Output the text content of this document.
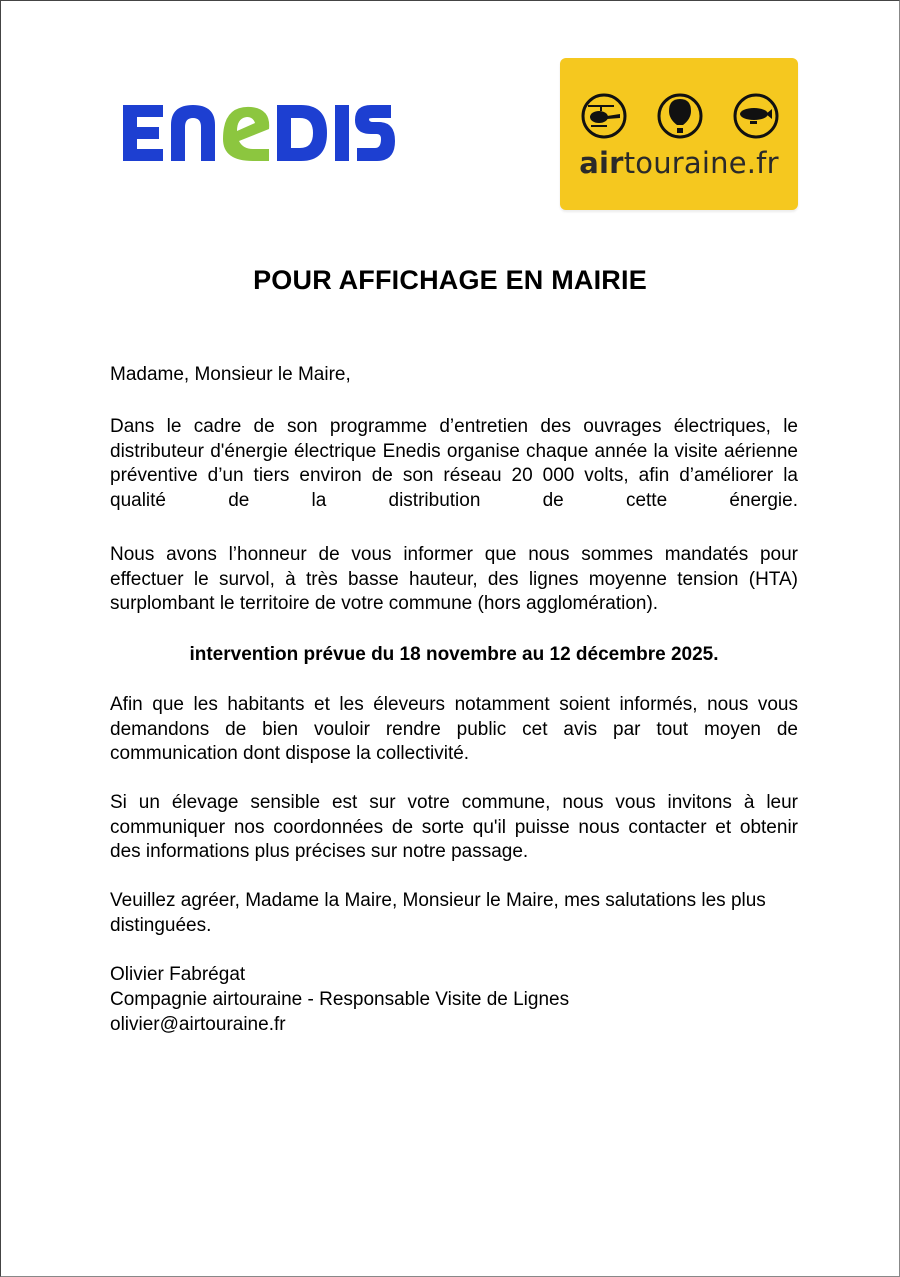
airtouraine.fr
POUR AFFICHAGE EN MAIRIE

Madame, Monsieur le Maire,

Dans le cadre de son programme d’entretien des ouvrages électriques, le distributeur d'énergie électrique Enedis organise chaque année la visite aérienne préventive d’un tiers environ de son réseau 20 000 volts, afin d’améliorer la qualité de la distribution de cette énergie.

Nous avons l’honneur de vous informer que nous sommes mandatés pour effectuer le survol, à très basse hauteur, des lignes moyenne tension (HTA) surplombant le territoire de votre commune (hors agglomération).

intervention prévue du 18 novembre au 12 décembre 2025.

Afin que les habitants et les éleveurs notamment soient informés, nous vous demandons de bien vouloir rendre public cet avis par tout moyen de communication dont dispose la collectivité.

Si un élevage sensible est sur votre commune, nous vous invitons à leur communiquer nos coordonnées de sorte qu'il puisse nous contacter et obtenir des informations plus précises sur notre passage.

Veuillez agréer, Madame la Maire, Monsieur le Maire, mes salutations les plus distinguées.

Olivier Fabrégat

Compagnie airtouraine - Responsable Visite de Lignes

olivier@airtouraine.fr
